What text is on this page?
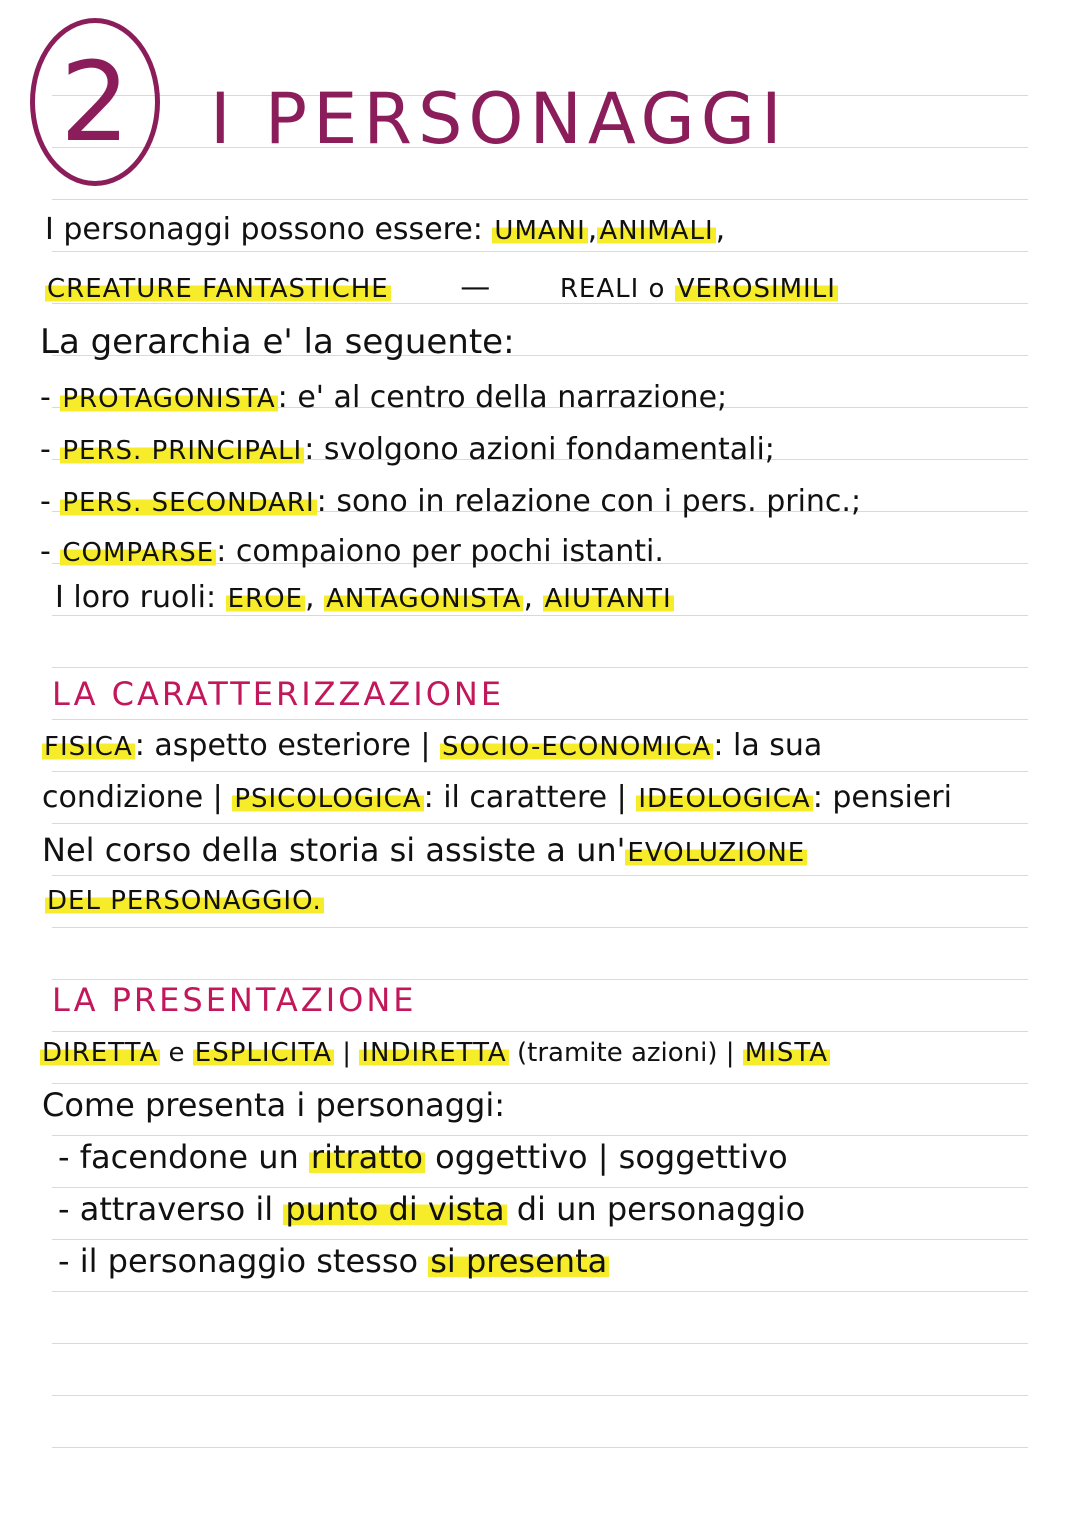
2	I PERSONAGGI
I personaggi possono essere: UMANI,ANIMALI,
CREATURE FANTASTICHE —	REALI o VEROSIMILI
La gerarchia e' la seguente:
- PROTAGONISTA: e' al centro della narrazione;
- PERS. PRINCIPALI: svolgono azioni fondamentali;
- PERS. SECONDARI: sono in relazione con i pers. princ.;
- COMPARSE: compaiono per pochi istanti.
I loro ruoli: EROE, ANTAGONISTA, AIUTANTI
LA CARATTERIZZAZIONE
FISICA: aspetto esteriore | SOCIO-ECONOMICA: la sua
condizione | PSICOLOGICA: il carattere | IDEOLOGICA: pensieri
Nel corso della storia si assiste a un'EVOLUZIONE
DEL PERSONAGGIO.
LA PRESENTAZIONE
DIRETTA e ESPLICITA | INDIRETTA (tramite azioni) | MISTA
Come presenta i personaggi:
- facendone un ritratto oggettivo | soggettivo
- attraverso il punto di vista di un personaggio
- il personaggio stesso si presenta
